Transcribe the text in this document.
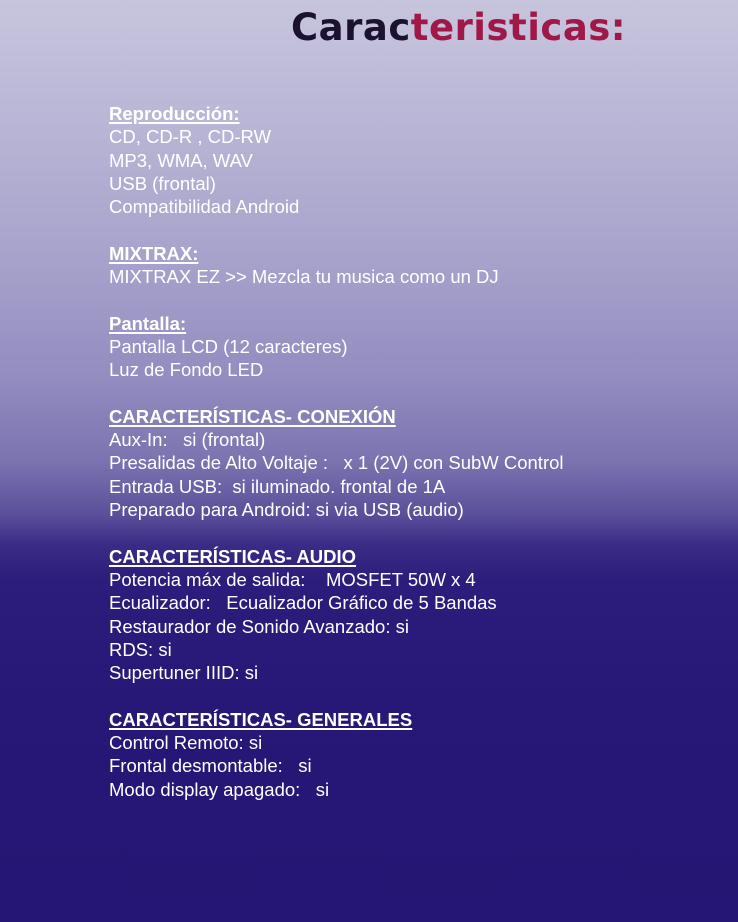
Caracteristicas:
Reproducción:
CD, CD-R , CD-RW
MP3, WMA, WAV
USB (frontal)
Compatibilidad Android
MIXTRAX:
MIXTRAX EZ >> Mezcla tu musica como un DJ
Pantalla:
Pantalla LCD (12 caracteres)
Luz de Fondo LED
CARACTERÍSTICAS- CONEXIÓN
Aux-In:   si (frontal)
Presalidas de Alto Voltaje :   x 1 (2V) con SubW Control
Entrada USB:  si iluminado. frontal de 1A
Preparado para Android: si via USB (audio)
CARACTERÍSTICAS- AUDIO
Potencia máx de salida:    MOSFET 50W x 4
Ecualizador:   Ecualizador Gráfico de 5 Bandas
Restaurador de Sonido Avanzado: si
RDS: si
Supertuner IIID: si
CARACTERÍSTICAS- GENERALES
Control Remoto: si
Frontal desmontable:   si
Modo display apagado:   si
